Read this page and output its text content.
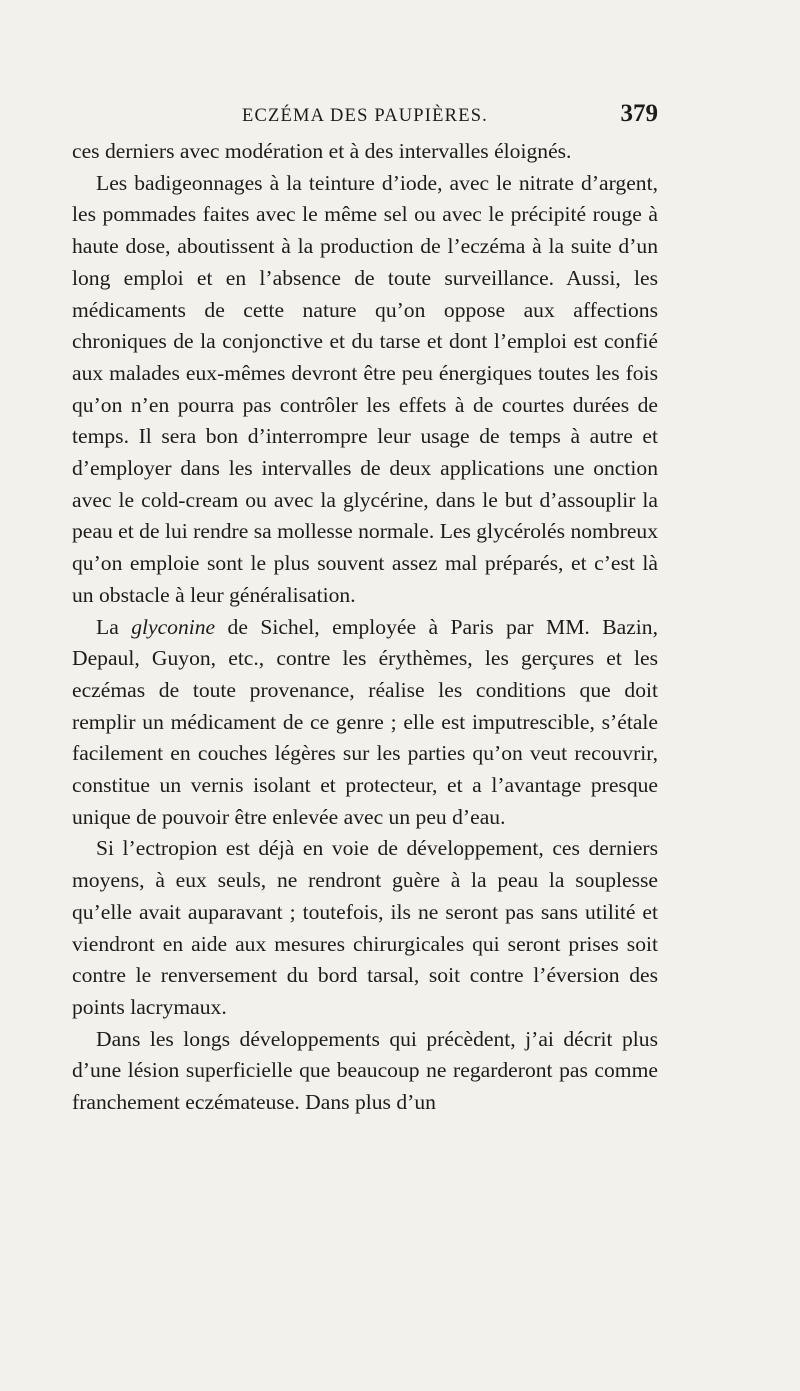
ECZÉMA DES PAUPIÈRES.	379

ces derniers avec modération et à des intervalles éloignés.

Les badigeonnages à la teinture d’iode, avec le nitrate d’argent, les pommades faites avec le même sel ou avec le précipité rouge à haute dose, aboutissent à la production de l’eczéma à la suite d’un long emploi et en l’absence de toute surveillance. Aussi, les médicaments de cette nature qu’on oppose aux affections chroniques de la conjonctive et du tarse et dont l’emploi est confié aux malades eux-mêmes devront être peu énergiques toutes les fois qu’on n’en pourra pas contrôler les effets à de courtes durées de temps. Il sera bon d’interrompre leur usage de temps à autre et d’employer dans les intervalles de deux applications une onction avec le cold-cream ou avec la glycérine, dans le but d’assouplir la peau et de lui rendre sa mollesse normale. Les glycérolés nombreux qu’on emploie sont le plus souvent assez mal préparés, et c’est là un obstacle à leur généralisation.

La glyconine de Sichel, employée à Paris par MM. Bazin, Depaul, Guyon, etc., contre les érythèmes, les gerçures et les eczémas de toute provenance, réalise les conditions que doit remplir un médicament de ce genre ; elle est imputrescible, s’étale facilement en couches légères sur les parties qu’on veut recouvrir, constitue un vernis isolant et protecteur, et a l’avantage presque unique de pouvoir être enlevée avec un peu d’eau.

Si l’ectropion est déjà en voie de développement, ces derniers moyens, à eux seuls, ne rendront guère à la peau la souplesse qu’elle avait auparavant ; toutefois, ils ne seront pas sans utilité et viendront en aide aux mesures chirurgicales qui seront prises soit contre le renversement du bord tarsal, soit contre l’éversion des points lacrymaux.

Dans les longs développements qui précèdent, j’ai décrit plus d’une lésion superficielle que beaucoup ne regarderont pas comme franchement eczémateuse. Dans plus d’un
